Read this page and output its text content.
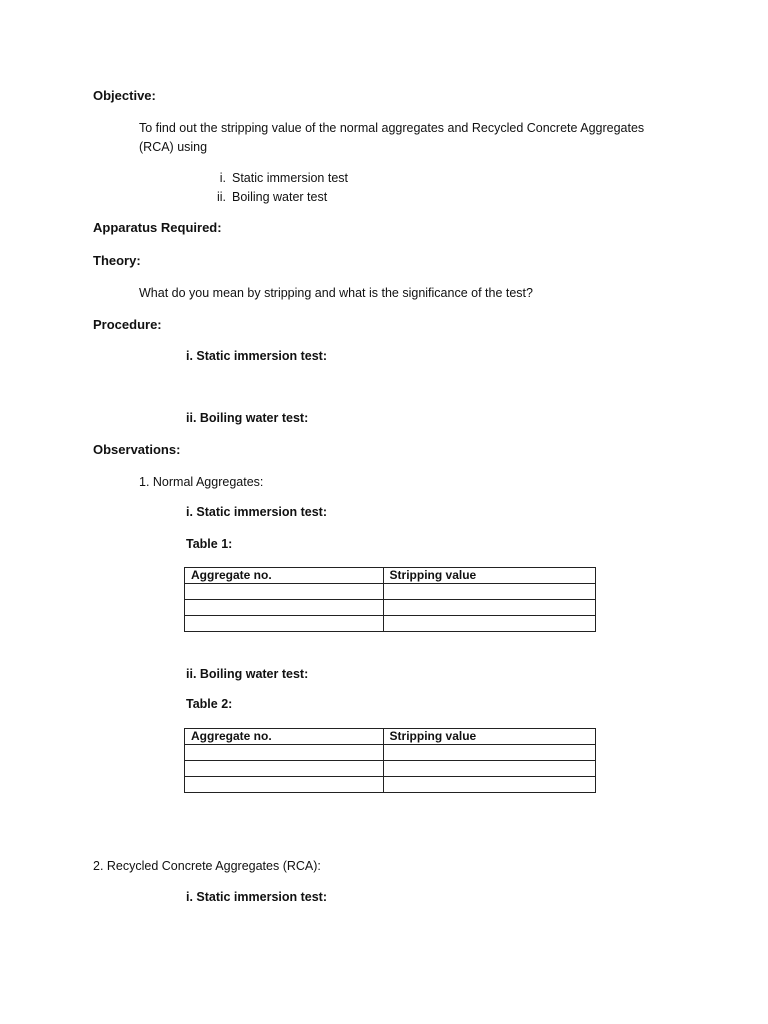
Objective:
To find out the stripping value of the normal aggregates and Recycled Concrete Aggregates
(RCA) using
i. Static immersion test
ii. Boiling water test
Apparatus Required:
Theory:
What do you mean by stripping and what is the significance of the test?
Procedure:
i. Static immersion test:
ii. Boiling water test:
Observations:
1. Normal Aggregates:
i. Static immersion test:
Table 1:
Aggregate no.	Stripping value

ii. Boiling water test:
Table 2:
Aggregate no.	Stripping value

2. Recycled Concrete Aggregates (RCA):
i. Static immersion test:
